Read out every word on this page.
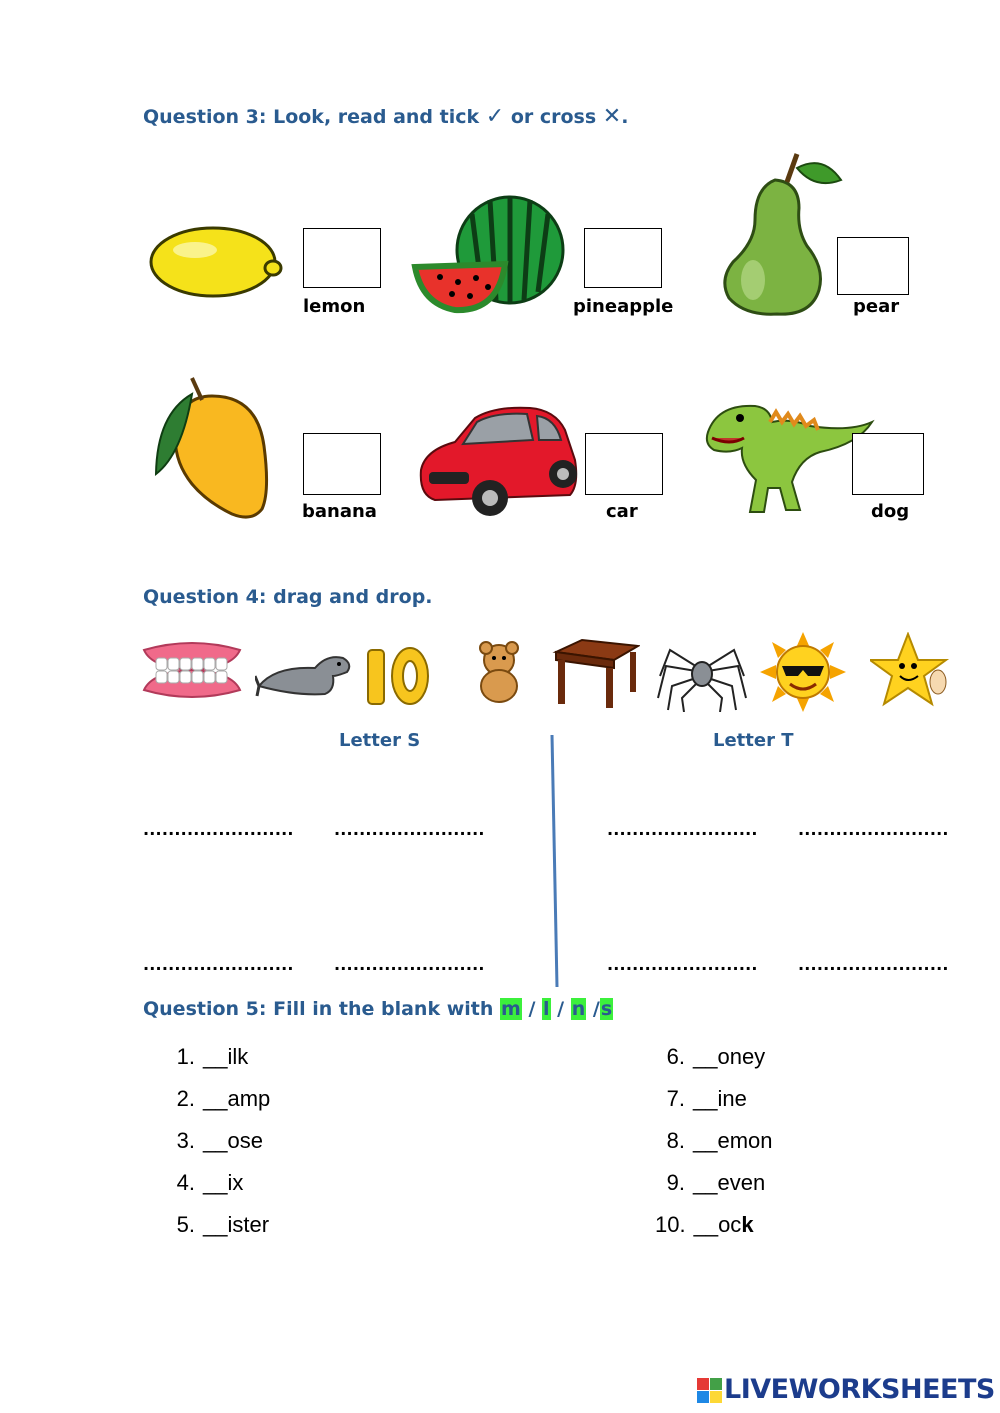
Question 3: Look, read and tick ✓ or cross ✕.
lemon	pineapple	pear
banana	car	dog
Question 4: drag and drop.
Letter S	Letter T
........................	........................	........................	........................
........................	........................	........................	........................
Question 5: Fill in the blank with m / l / n /s
1. __ilk
2. __amp
3. __ose
4. __ix
5. __ister
6. __oney
7. __ine
8. __emon
9. __even
10. __ock
LIVEWORKSHEETS
